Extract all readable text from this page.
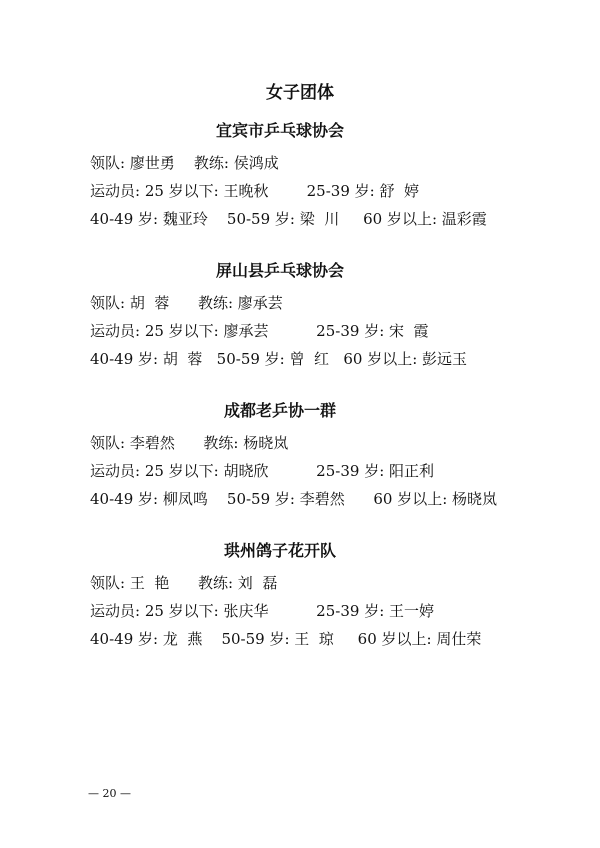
女子团体
宜宾市乒乓球协会
领队: 廖世勇    教练: 侯鸿成
运动员: 25 岁以下: 王晚秋        25-39 岁: 舒  婷
40-49 岁: 魏亚玲    50-59 岁: 梁  川     60 岁以上: 温彩霞
屏山县乒乓球协会
领队: 胡  蓉      教练: 廖承芸
运动员: 25 岁以下: 廖承芸          25-39 岁: 宋  霞
40-49 岁: 胡  蓉   50-59 岁: 曾  红   60 岁以上: 彭远玉
成都老乒协一群
领队: 李碧然      教练: 杨晓岚
运动员: 25 岁以下: 胡晓欣          25-39 岁: 阳正利
40-49 岁: 柳凤鸣    50-59 岁: 李碧然      60 岁以上: 杨晓岚
珙州鸽子花开队
领队: 王  艳      教练: 刘  磊
运动员: 25 岁以下: 张庆华          25-39 岁: 王一婷
40-49 岁: 龙  燕    50-59 岁: 王  琼     60 岁以上: 周仕荣
— 20 —
